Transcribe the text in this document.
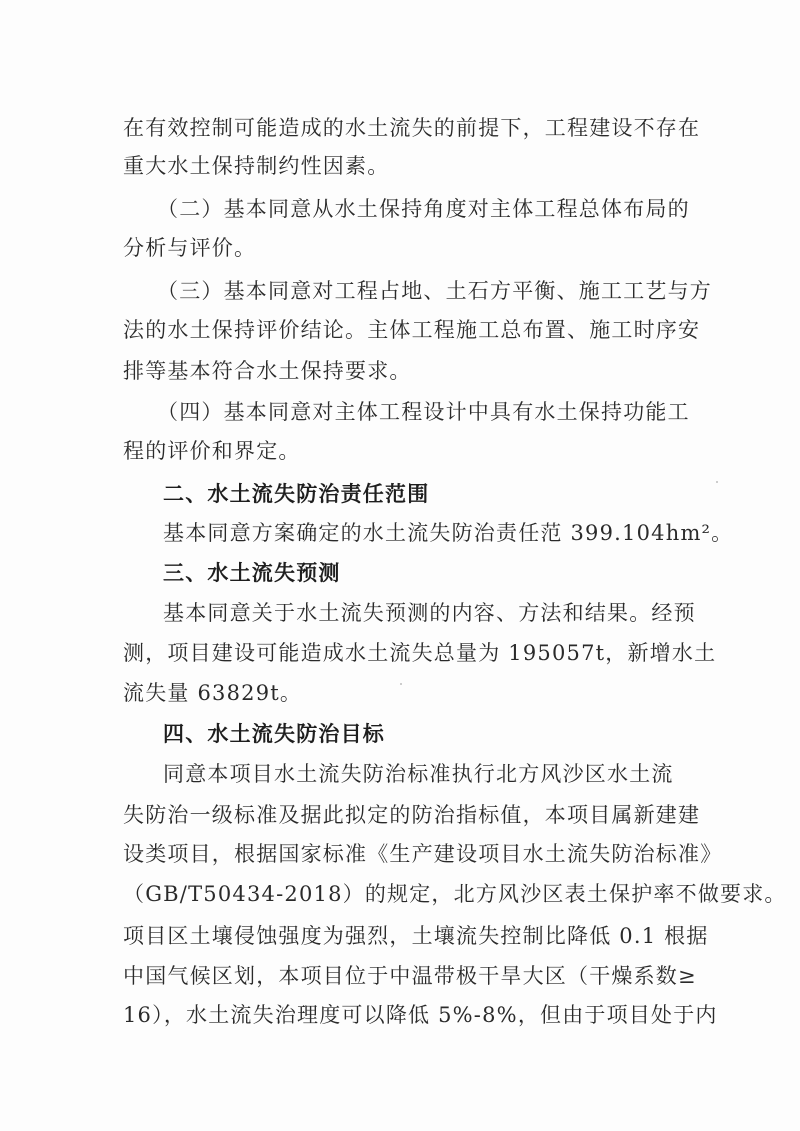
在有效控制可能造成的水土流失的前提下，工程建设不存在
重大水土保持制约性因素。
（二）基本同意从水土保持角度对主体工程总体布局的
分析与评价。
（三）基本同意对工程占地、土石方平衡、施工工艺与方
法的水土保持评价结论。主体工程施工总布置、施工时序安
排等基本符合水土保持要求。
（四）基本同意对主体工程设计中具有水土保持功能工
程的评价和界定。
二、水土流失防治责任范围
基本同意方案确定的水土流失防治责任范 399.104hm²。
三、水土流失预测
基本同意关于水土流失预测的内容、方法和结果。经预
测，项目建设可能造成水土流失总量为 195057t，新增水土
流失量 63829t。
四、水土流失防治目标
同意本项目水土流失防治标准执行北方风沙区水土流
失防治一级标准及据此拟定的防治指标值，本项目属新建建
设类项目，根据国家标准《生产建设项目水土流失防治标准》
（GB/T50434-2018）的规定，北方风沙区表土保护率不做要求。
项目区土壤侵蚀强度为强烈，土壤流失控制比降低 0.1 根据
中国气候区划，本项目位于中温带极干旱大区（干燥系数≥
16），水土流失治理度可以降低 5%-8%，但由于项目处于内
